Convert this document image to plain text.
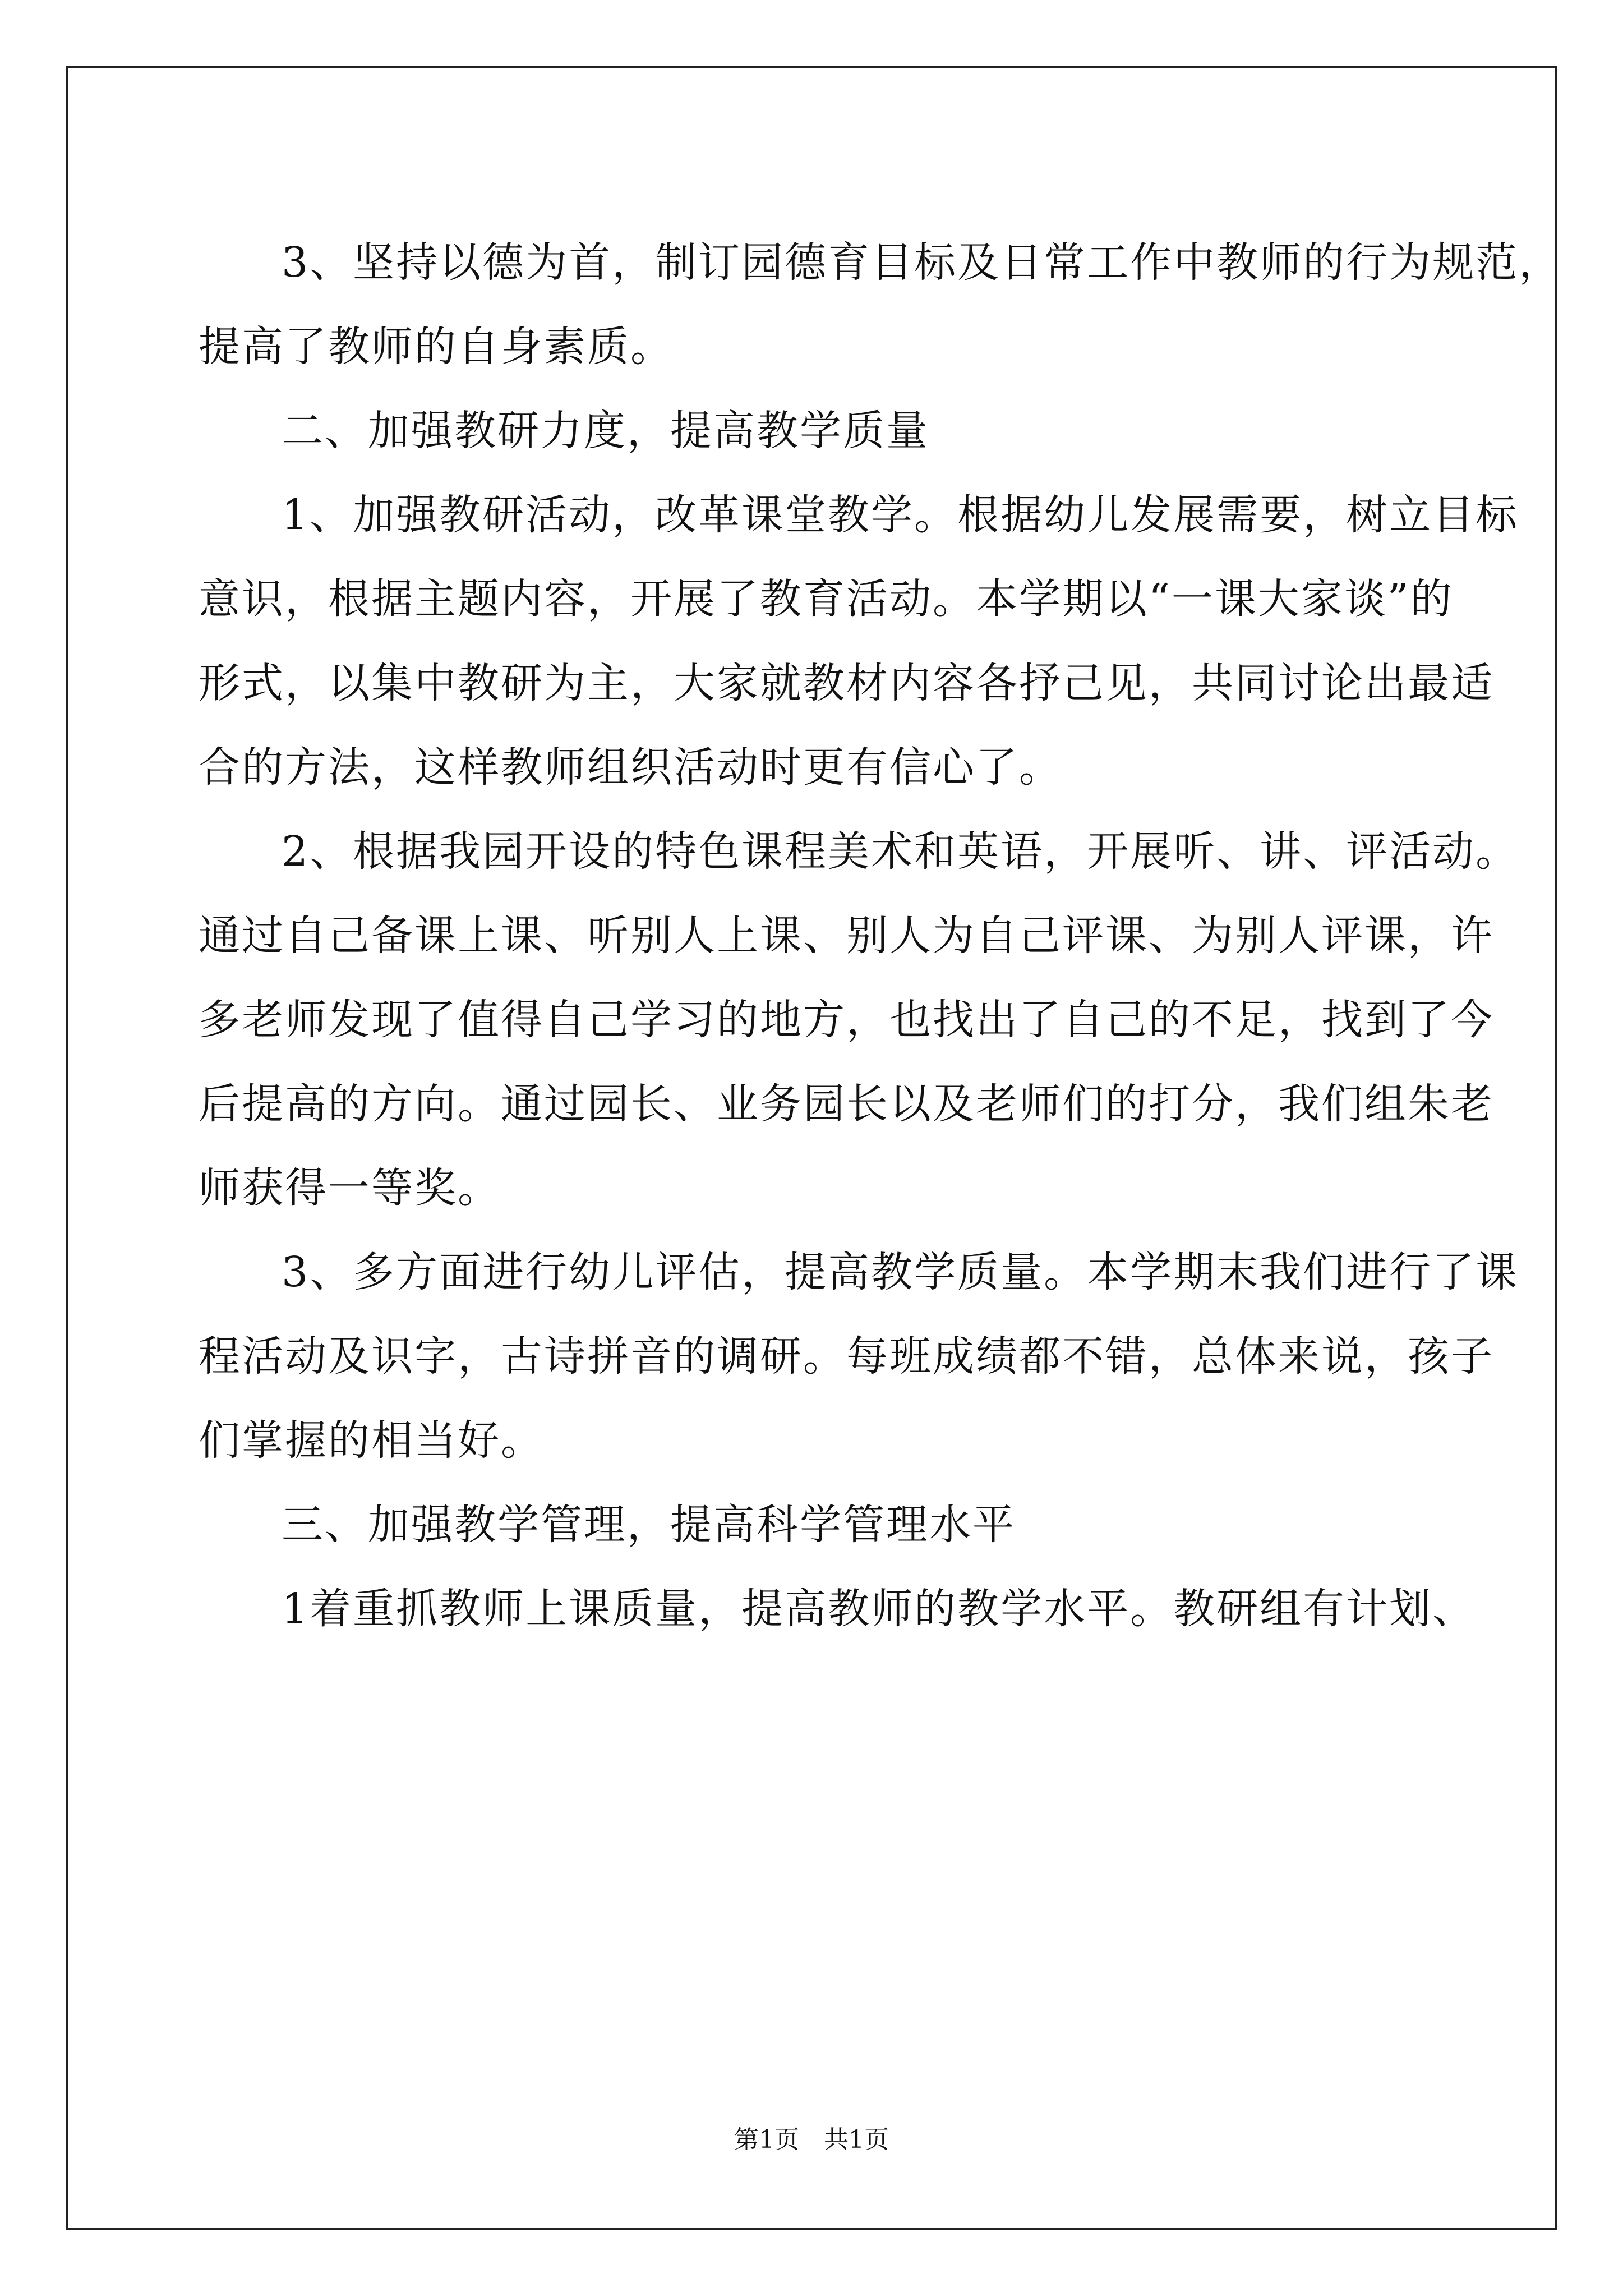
3、坚持以德为首，制订园德育目标及日常工作中教师的行为规范，
提高了教师的自身素质。
二、加强教研力度，提高教学质量
1、加强教研活动，改革课堂教学。根据幼儿发展需要，树立目标
意识，根据主题内容，开展了教育活动。本学期以“一课大家谈”的
形式，以集中教研为主，大家就教材内容各抒己见，共同讨论出最适
合的方法，这样教师组织活动时更有信心了。
2、根据我园开设的特色课程美术和英语，开展听、讲、评活动。
通过自己备课上课、听别人上课、别人为自己评课、为别人评课，许
多老师发现了值得自己学习的地方，也找出了自己的不足，找到了今
后提高的方向。通过园长、业务园长以及老师们的打分，我们组朱老
师获得一等奖。
3、多方面进行幼儿评估，提高教学质量。本学期末我们进行了课
程活动及识字，古诗拼音的调研。每班成绩都不错，总体来说，孩子
们掌握的相当好。
三、加强教学管理，提高科学管理水平
1着重抓教师上课质量，提高教师的教学水平。教研组有计划、
第1页　共1页
